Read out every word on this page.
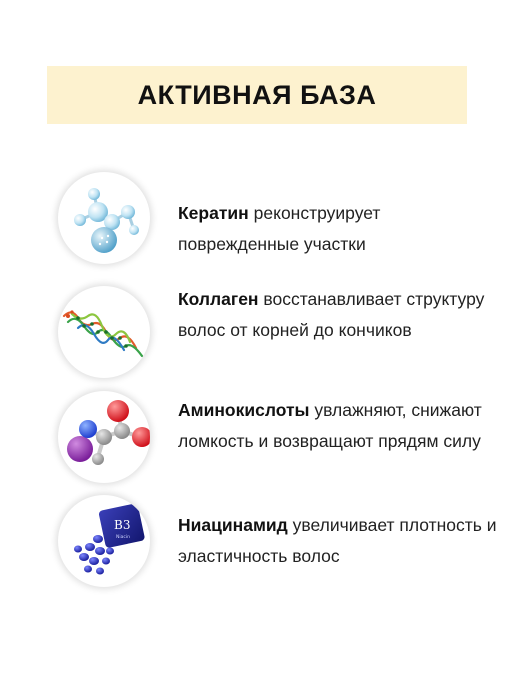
АКТИВНАЯ БАЗА
Кератин реконструирует поврежденные участки
Коллаген восстанавливает структуру волос от корней до кончиков
Аминокислоты увлажняют, снижают ломкость и возвращают прядям силу
B3
Niacin
Ниацинамид увеличивает плотность и эластичность волос
